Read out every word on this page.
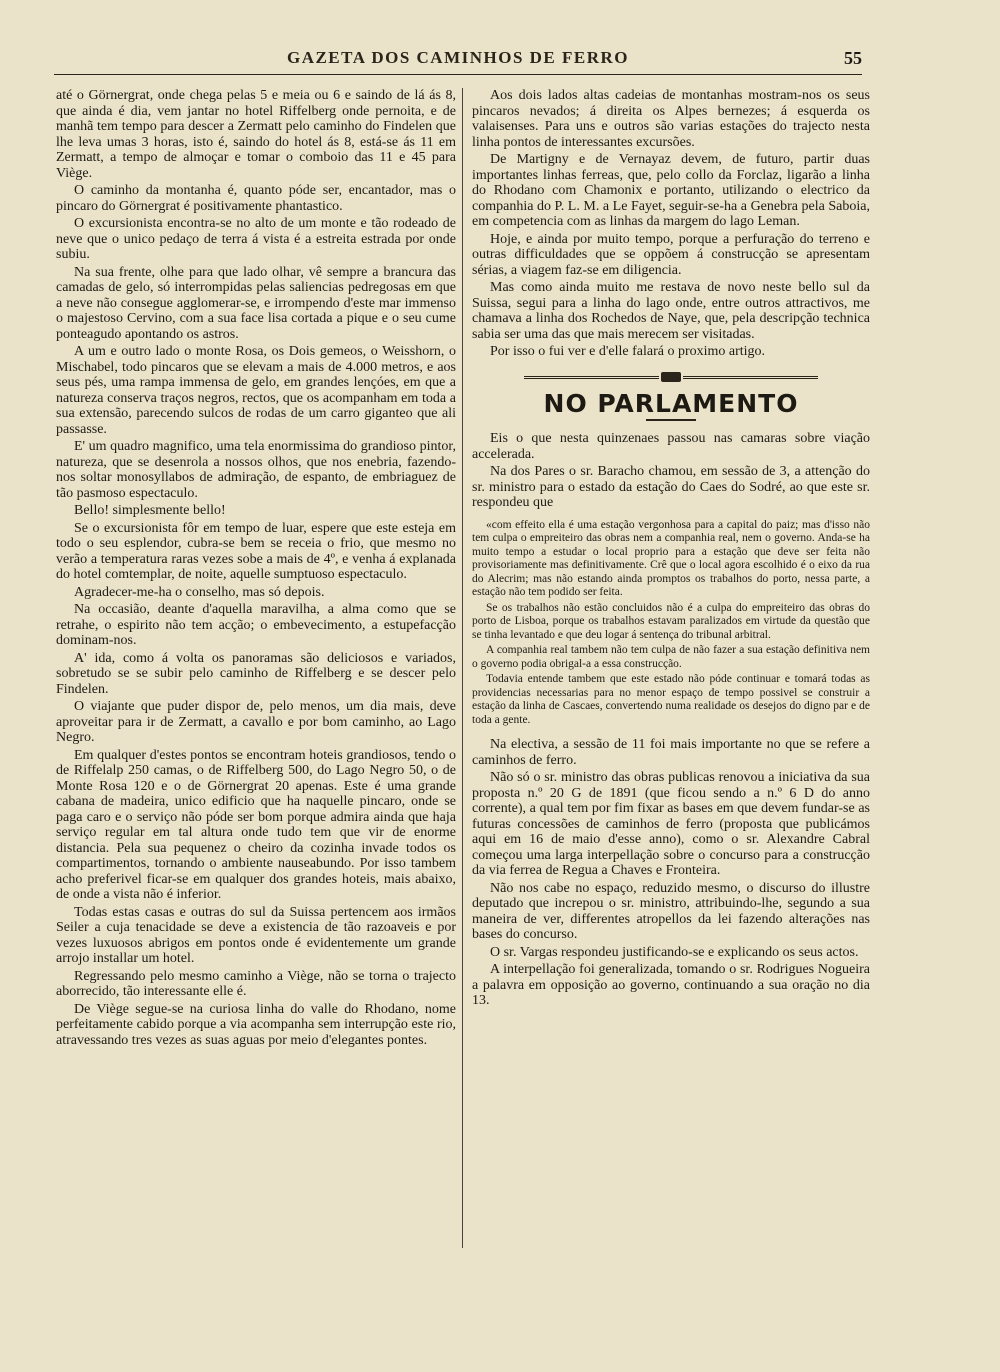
GAZETA DOS CAMINHOS DE FERRO	55

até o Görnergrat, onde chega pelas 5 e meia ou 6 e saindo de lá ás 8, que ainda é dia, vem jantar no hotel Riffelberg onde pernoita, e de manhã tem tempo para descer a Zermatt pelo caminho do Findelen que lhe leva umas 3 horas, isto é, saindo do hotel ás 8, está-se ás 11 em Zermatt, a tempo de almoçar e tomar o comboio das 11 e 45 para Viège.

O caminho da montanha é, quanto póde ser, encantador, mas o pincaro do Görnergrat é positivamente phantastico.

O excursionista encontra-se no alto de um monte e tão rodeado de neve que o unico pedaço de terra á vista é a estreita estrada por onde subiu.

Na sua frente, olhe para que lado olhar, vê sempre a brancura das camadas de gelo, só interrompidas pelas saliencias pedregosas em que a neve não consegue agglomerar-se, e irrompendo d'este mar immenso o majestoso Cervino, com a sua face lisa cortada a pique e o seu cume ponteagudo apontando os astros.

A um e outro lado o monte Rosa, os Dois gemeos, o Weisshorn, o Mischabel, todo pincaros que se elevam a mais de 4.000 metros, e aos seus pés, uma rampa immensa de gelo, em grandes lençóes, em que a natureza conserva traços negros, rectos, que os acompanham em toda a sua extensão, parecendo sulcos de rodas de um carro giganteo que ali passasse.

E' um quadro magnifico, uma tela enormissima do grandioso pintor, natureza, que se desenrola a nossos olhos, que nos enebria, fazendo-nos soltar monosyllabos de admiração, de espanto, de embriaguez de tão pasmoso espectaculo.

Bello! simplesmente bello!

Se o excursionista fôr em tempo de luar, espere que este esteja em todo o seu esplendor, cubra-se bem se receia o frio, que mesmo no verão a temperatura raras vezes sobe a mais de 4º, e venha á explanada do hotel comtemplar, de noite, aquelle sumptuoso espectaculo.

Agradecer-me-ha o conselho, mas só depois.

Na occasião, deante d'aquella maravilha, a alma como que se retrahe, o espirito não tem acção; o embevecimento, a estupefacção dominam-nos.

A' ida, como á volta os panoramas são deliciosos e variados, sobretudo se se subir pelo caminho de Riffelberg e se descer pelo Findelen.

O viajante que puder dispor de, pelo menos, um dia mais, deve aproveitar para ir de Zermatt, a cavallo e por bom caminho, ao Lago Negro.

Em qualquer d'estes pontos se encontram hoteis grandiosos, tendo o de Riffelalp 250 camas, o de Riffelberg 500, do Lago Negro 50, o de Monte Rosa 120 e o de Görnergrat 20 apenas. Este é uma grande cabana de madeira, unico edificio que ha naquelle pincaro, onde se paga caro e o serviço não póde ser bom porque admira ainda que haja serviço regular em tal altura onde tudo tem que vir de enorme distancia. Pela sua pequenez o cheiro da cozinha invade todos os compartimentos, tornando o ambiente nauseabundo. Por isso tambem acho preferivel ficar-se em qualquer dos grandes hoteis, mais abaixo, de onde a vista não é inferior.

Todas estas casas e outras do sul da Suissa pertencem aos irmãos Seiler a cuja tenacidade se deve a existencia de tão razoaveis e por vezes luxuosos abrigos em pontos onde é evidentemente um grande arrojo installar um hotel.

Regressando pelo mesmo caminho a Viège, não se torna o trajecto aborrecido, tão interessante elle é.

De Viège segue-se na curiosa linha do valle do Rhodano, nome perfeitamente cabido porque a via acompanha sem interrupção este rio, atravessando tres vezes as suas aguas por meio d'elegantes pontes.

Aos dois lados altas cadeias de montanhas mostram-nos os seus pincaros nevados; á direita os Alpes bernezes; á esquerda os valaisenses. Para uns e outros são varias estações do trajecto nesta linha pontos de interessantes excursões.

De Martigny e de Vernayaz devem, de futuro, partir duas importantes linhas ferreas, que, pelo collo da Forclaz, ligarão a linha do Rhodano com Chamonix e portanto, utilizando o electrico da companhia do P. L. M. a Le Fayet, seguir-se-ha a Genebra pela Saboia, em competencia com as linhas da margem do lago Leman.

Hoje, e ainda por muito tempo, porque a perfuração do terreno e outras difficuldades que se oppõem á construcção se apresentam sérias, a viagem faz-se em diligencia.

Mas como ainda muito me restava de novo neste bello sul da Suissa, segui para a linha do lago onde, entre outros attractivos, me chamava a linha dos Rochedos de Naye, que, pela descripção technica sabia ser uma das que mais merecem ser visitadas.

Por isso o fui ver e d'elle falará o proximo artigo.

NO PARLAMENTO

Eis o que nesta quinzenaes passou nas camaras sobre viação accelerada.

Na dos Pares o sr. Baracho chamou, em sessão de 3, a attenção do sr. ministro para o estado da estação do Caes do Sodré, ao que este sr. respondeu que

«com effeito ella é uma estação vergonhosa para a capital do paiz; mas d'isso não tem culpa o empreiteiro das obras nem a companhia real, nem o governo. Anda-se ha muito tempo a estudar o local proprio para a estação que deve ser feita não provisoriamente mas definitivamente. Crê que o local agora escolhido é o eixo da rua do Alecrim; mas não estando ainda promptos os trabalhos do porto, nessa parte, a estação não tem podido ser feita.

Se os trabalhos não estão concluidos não é a culpa do empreiteiro das obras do porto de Lisboa, porque os trabalhos estavam paralizados em virtude da questão que se tinha levantado e que deu logar á sentença do tribunal arbitral.

A companhia real tambem não tem culpa de não fazer a sua estação definitiva nem o governo podia obrigal-a a essa construcção.

Todavia entende tambem que este estado não póde continuar e tomará todas as providencias necessarias para no menor espaço de tempo possivel se construir a estação da linha de Cascaes, convertendo numa realidade os desejos do digno par e de toda a gente.

Na electiva, a sessão de 11 foi mais importante no que se refere a caminhos de ferro.

Não só o sr. ministro das obras publicas renovou a iniciativa da sua proposta n.º 20 G de 1891 (que ficou sendo a n.º 6 D do anno corrente), a qual tem por fim fixar as bases em que devem fundar-se as futuras concessões de caminhos de ferro (proposta que publicámos aqui em 16 de maio d'esse anno), como o sr. Alexandre Cabral começou uma larga interpellação sobre o concurso para a construcção da via ferrea de Regua a Chaves e Fronteira.

Não nos cabe no espaço, reduzido mesmo, o discurso do illustre deputado que increpou o sr. ministro, attribuindo-lhe, segundo a sua maneira de ver, differentes atropellos da lei fazendo alterações nas bases do concurso.

O sr. Vargas respondeu justificando-se e explicando os seus actos.

A interpellação foi generalizada, tomando o sr. Rodrigues Nogueira a palavra em opposição ao governo, continuando a sua oração no dia 13.
